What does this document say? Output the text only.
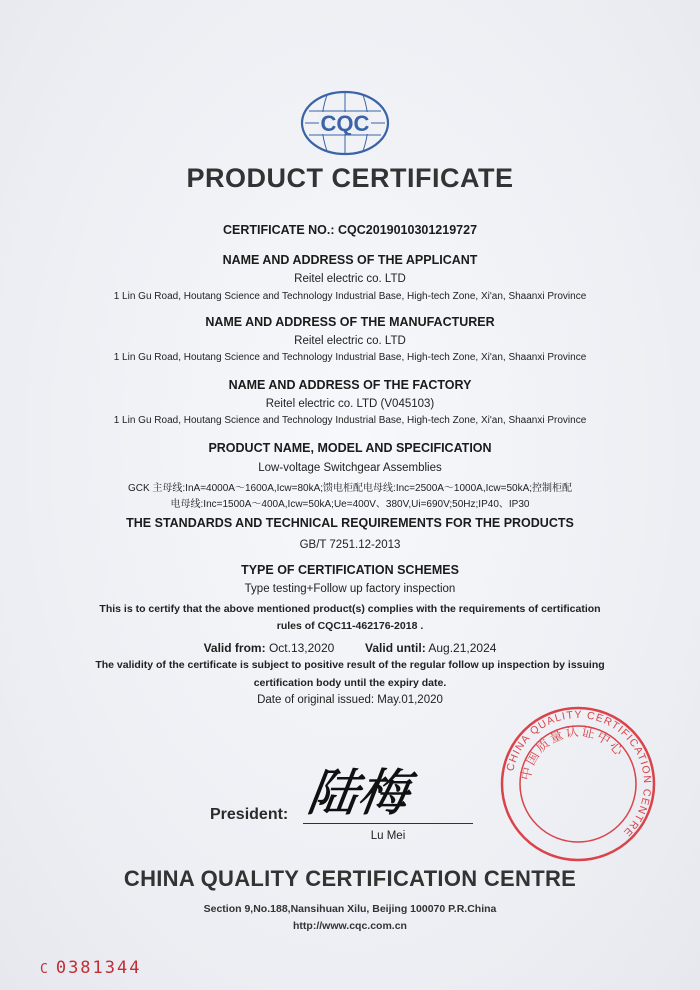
CQC
PRODUCT CERTIFICATE
CERTIFICATE NO.: CQC2019010301219727
NAME AND ADDRESS OF THE APPLICANT
Reitel electric co. LTD
1 Lin Gu Road, Houtang Science and Technology Industrial Base, High-tech Zone, Xi'an, Shaanxi Province
NAME AND ADDRESS OF THE MANUFACTURER
Reitel electric co. LTD
1 Lin Gu Road, Houtang Science and Technology Industrial Base, High-tech Zone, Xi'an, Shaanxi Province
NAME AND ADDRESS OF THE FACTORY
Reitel electric co. LTD (V045103)
1 Lin Gu Road, Houtang Science and Technology Industrial Base, High-tech Zone, Xi'an, Shaanxi Province
PRODUCT NAME, MODEL AND SPECIFICATION
Low-voltage Switchgear Assemblies
GCK 主母线:InA=4000A～1600A,Icw=80kA;馈电柜配电母线:Inc=2500A～1000A,Icw=50kA;控制柜配
电母线:Inc=1500A～400A,Icw=50kA;Ue=400V、380V,Ui=690V;50Hz;IP40、IP30
THE STANDARDS AND TECHNICAL REQUIREMENTS FOR THE PRODUCTS
GB/T 7251.12-2013
TYPE OF CERTIFICATION SCHEMES
Type testing+Follow up factory inspection
This is to certify that the above mentioned product(s) complies with the requirements of certification
rules of CQC11-462176-2018 .
Valid from: Oct.13,2020	Valid until: Aug.21,2024
The validity of the certificate is subject to positive result of the regular follow up inspection by issuing
certification body until the expiry date.
Date of original issued: May.01,2020
CHINA QUALITY CERTIFICATION CENTRE
中国质量认证中心
陆梅
President:
Lu Mei
CHINA QUALITY CERTIFICATION CENTRE
Section 9,No.188,Nansihuan Xilu, Beijing 100070 P.R.China
http://www.cqc.com.cn
C 0381344
